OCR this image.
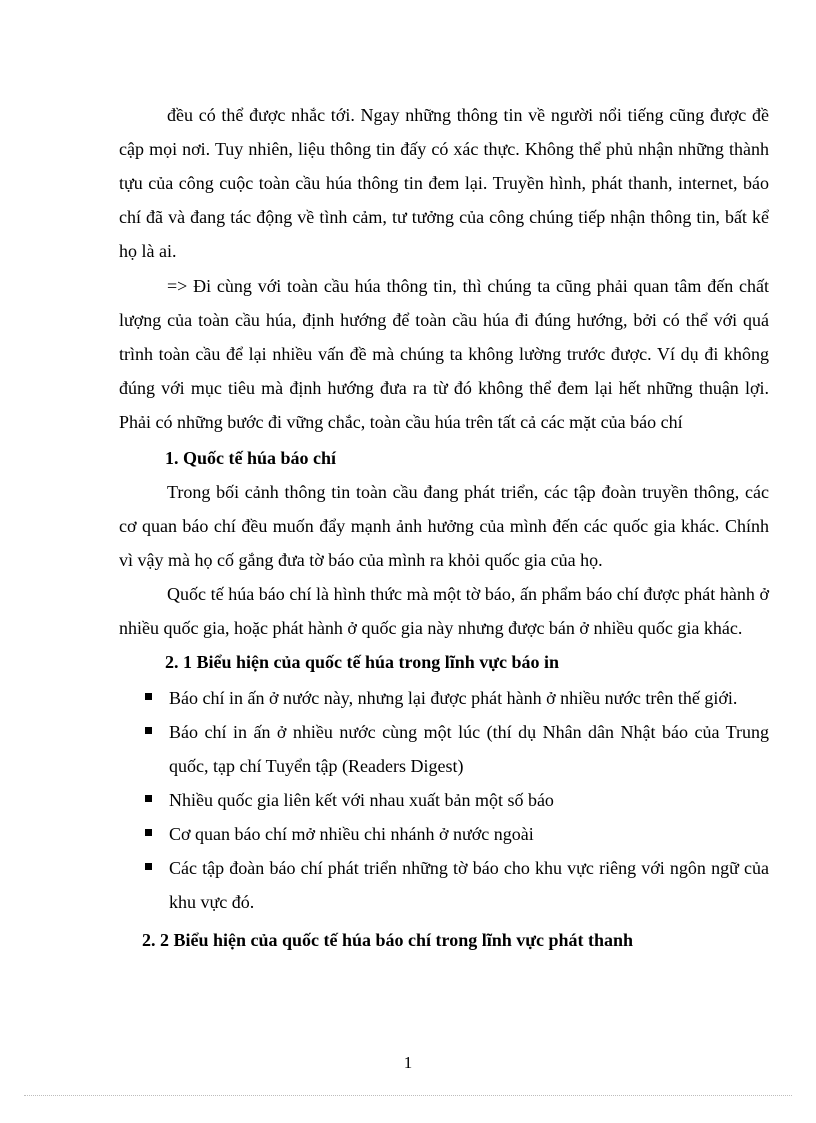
đều có thể được nhắc tới. Ngay những thông tin về người nổi tiếng cũng được đề cập mọi nơi. Tuy nhiên, liệu thông tin đấy có xác thực. Không thể phủ nhận những thành tựu của công cuộc toàn cầu húa thông tin đem lại. Truyền hình, phát thanh, internet, báo chí đã và đang tác động về tình cảm, tư tưởng của công chúng tiếp nhận thông tin, bất kể họ là ai.

=> Đi cùng với toàn cầu húa thông tin, thì chúng ta cũng phải quan tâm đến chất lượng của toàn cầu húa, định hướng để toàn cầu húa đi đúng hướng, bởi có thể với quá trình toàn cầu để lại nhiều vấn đề mà chúng ta không lường trước được. Ví dụ đi không đúng với mục tiêu mà định hướng đưa ra từ đó không thể đem lại hết những thuận lợi. Phải có những bước đi vững chắc, toàn cầu húa trên tất cả các mặt của báo chí

1. Quốc tế húa báo chí

Trong bối cảnh thông tin toàn cầu đang phát triển, các tập đoàn truyền thông, các cơ quan báo chí đều muốn đẩy mạnh ảnh hưởng của mình đến các quốc gia khác. Chính vì vậy mà họ cố gắng đưa tờ báo của mình ra khỏi quốc gia của họ.

Quốc tế húa báo chí là hình thức mà một tờ báo, ấn phẩm báo chí được phát hành ở nhiều quốc gia, hoặc phát hành ở quốc gia này nhưng được bán ở nhiều quốc gia khác.

2. 1 Biểu hiện của quốc tế húa trong lĩnh vực báo in
Báo chí in ấn ở nước này, nhưng lại được phát hành ở nhiều nước trên thế giới.
Báo chí in ấn ở nhiều nước cùng một lúc (thí dụ Nhân dân Nhật báo của Trung quốc, tạp chí Tuyển tập (Readers Digest)
Nhiều quốc gia liên kết với nhau xuất bản một số báo
Cơ quan báo chí mở nhiều chi nhánh ở nước ngoài
Các tập đoàn báo chí phát triển những tờ báo cho khu vực riêng với ngôn ngữ của khu vực đó.
2. 2 Biểu hiện của quốc tế húa báo chí trong lĩnh vực phát thanh
1
